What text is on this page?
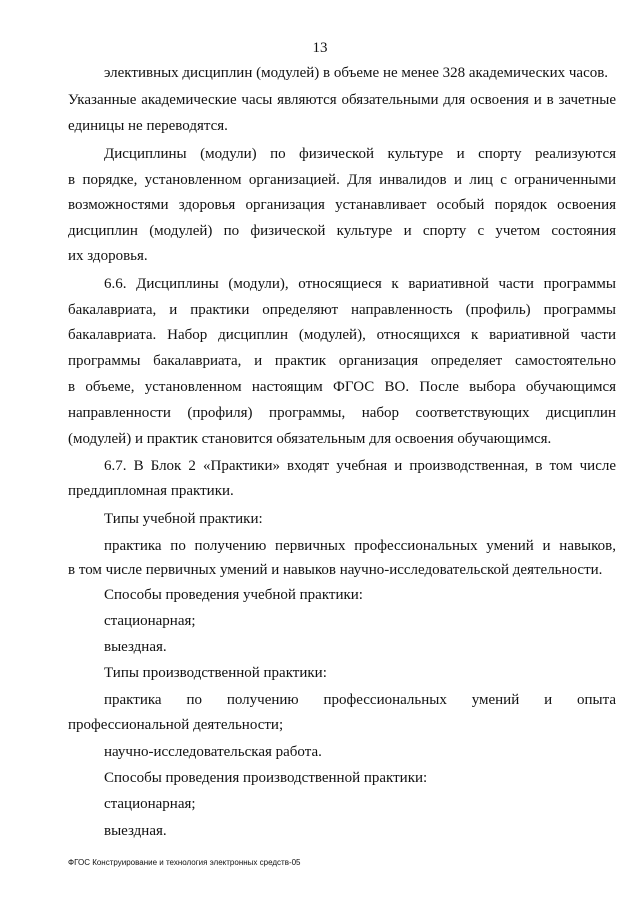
13
элективных дисциплин (модулей) в объеме не менее 328 академических часов.
Указанные академические часы являются обязательными для освоения и в зачетные
единицы не переводятся.
Дисциплины (модули) по физической культуре и спорту реализуются
в порядке, установленном организацией. Для инвалидов и лиц с ограниченными
возможностями здоровья организация устанавливает особый порядок освоения
дисциплин (модулей) по физической культуре и спорту с учетом состояния
их здоровья.
6.6. Дисциплины (модули), относящиеся к вариативной части программы
бакалавриата, и практики определяют направленность (профиль) программы
бакалавриата. Набор дисциплин (модулей), относящихся к вариативной части
программы бакалавриата, и практик организация определяет самостоятельно
в объеме, установленном настоящим ФГОС ВО. После выбора обучающимся
направленности (профиля) программы, набор соответствующих дисциплин
(модулей) и практик становится обязательным для освоения обучающимся.
6.7. В Блок 2 «Практики» входят учебная и производственная, в том числе
преддипломная практики.
Типы учебной практики:
практика по получению первичных профессиональных умений и навыков,
в том числе первичных умений и навыков научно-исследовательской деятельности.
Способы проведения учебной практики:
стационарная;
выездная.
Типы производственной практики:
практика по получению профессиональных умений и опыта
профессиональной деятельности;
научно-исследовательская работа.
Способы проведения производственной практики:
стационарная;
выездная.
ФГОС Конструирование и технология электронных средств-05
